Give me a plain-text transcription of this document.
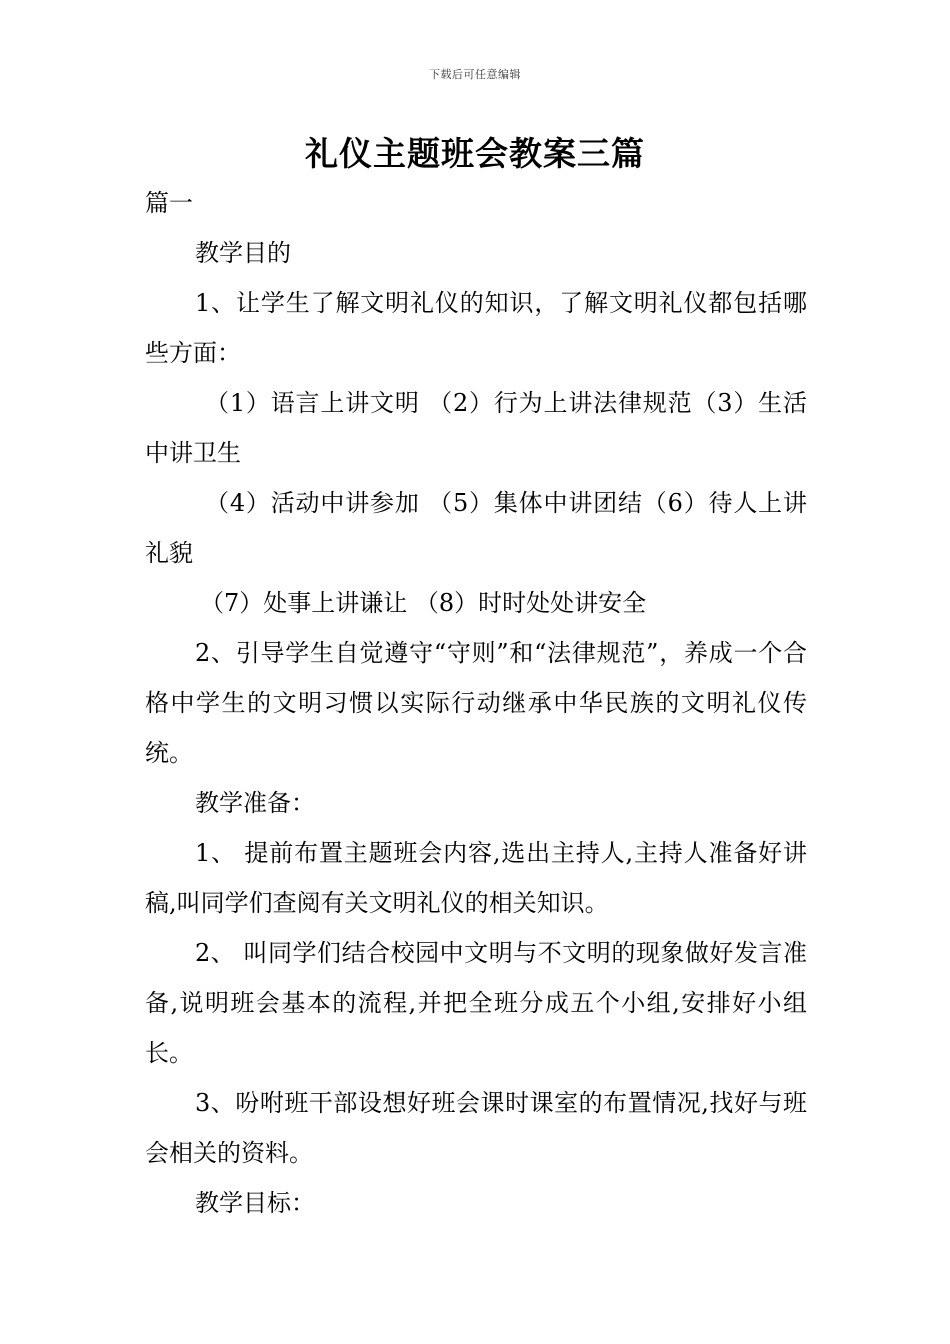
下载后可任意编辑
礼仪主题班会教案三篇

篇一

教学目的

1、让学生了解文明礼仪的知识，了解文明礼仪都包括哪些方面：

（1）语言上讲文明 （2）行为上讲法律规范（3）生活中讲卫生

（4）活动中讲参加 （5）集体中讲团结（6）待人上讲礼貌

（7）处事上讲谦让 （8）时时处处讲安全

2、引导学生自觉遵守“守则”和“法律规范”，养成一个合格中学生的文明习惯以实际行动继承中华民族的文明礼仪传统。

教学准备：

1、 提前布置主题班会内容,选出主持人,主持人准备好讲稿,叫同学们查阅有关文明礼仪的相关知识。

2、 叫同学们结合校园中文明与不文明的现象做好发言准备,说明班会基本的流程,并把全班分成五个小组,安排好小组长。

3、吩咐班干部设想好班会课时课室的布置情况,找好与班会相关的资料。

教学目标：
